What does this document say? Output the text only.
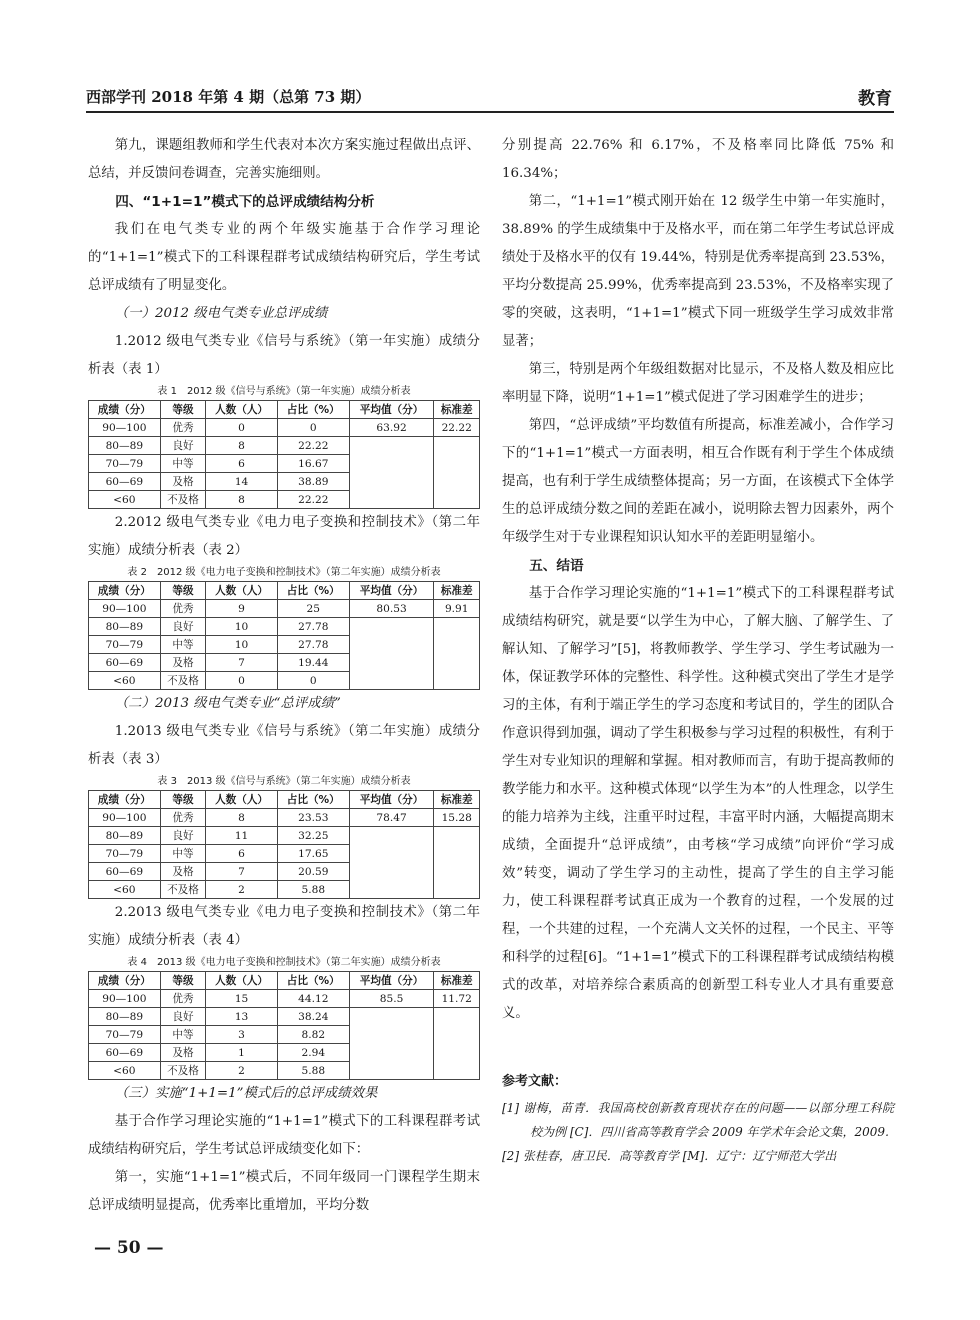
西部学刊 2018 年第 4 期（总第 73 期）	教育

第九，课题组教师和学生代表对本次方案实施过程做出点评、总结，并反馈问卷调查，完善实施细则。

四、“1+1=1”模式下的总评成绩结构分析

我们在电气类专业的两个年级实施基于合作学习理论的“1+1=1”模式下的工科课程群考试成绩结构研究后，学生考试总评成绩有了明显变化。

（一）2012 级电气类专业总评成绩

1.2012 级电气类专业《信号与系统》（第一年实施）成绩分析表（表 1）

表 1　2012 级《信号与系统》（第一年实施）成绩分析表
成绩（分）	等级	人数（人）	占比（%）	平均值（分）	标准差
90—100	优秀	0	0	63.92	22.22
80—89	良好	8	22.22		
70—79	中等	6	16.67		
60—69	及格	14	38.89		
<60	不及格	8	22.22		

2.2012 级电气类专业《电力电子变换和控制技术》（第二年实施）成绩分析表（表 2）

表 2　2012 级《电力电子变换和控制技术》（第二年实施）成绩分析表
成绩（分）	等级	人数（人）	占比（%）	平均值（分）	标准差
90—100	优秀	9	25	80.53	9.91
80—89	良好	10	27.78		
70—79	中等	10	27.78		
60—69	及格	7	19.44		
<60	不及格	0	0		

（二）2013 级电气类专业“总评成绩”

1.2013 级电气类专业《信号与系统》（第二年实施）成绩分析表（表 3）

表 3　2013 级《信号与系统》（第二年实施）成绩分析表
成绩（分）	等级	人数（人）	占比（%）	平均值（分）	标准差
90—100	优秀	8	23.53	78.47	15.28
80—89	良好	11	32.25		
70—79	中等	6	17.65		
60—69	及格	7	20.59		
<60	不及格	2	5.88		

2.2013 级电气类专业《电力电子变换和控制技术》（第二年实施）成绩分析表（表 4）

表 4　2013 级《电力电子变换和控制技术》（第二年实施）成绩分析表
成绩（分）	等级	人数（人）	占比（%）	平均值（分）	标准差
90—100	优秀	15	44.12	85.5	11.72
80—89	良好	13	38.24		
70—79	中等	3	8.82		
60—69	及格	1	2.94		
<60	不及格	2	5.88		

（三）实施“1+1=1”模式后的总评成绩效果

基于合作学习理论实施的“1+1=1”模式下的工科课程群考试成绩结构研究后，学生考试总评成绩变化如下：

第一，实施“1+1=1”模式后，不同年级同一门课程学生期末总评成绩明显提高，优秀率比重增加，平均分数

分别提高 22.76% 和 6.17%，不及格率同比降低 75% 和 16.34%；

第二，“1+1=1”模式刚开始在 12 级学生中第一年实施时，38.89% 的学生成绩集中于及格水平，而在第二年学生考试总评成绩处于及格水平的仅有 19.44%，特别是优秀率提高到 23.53%，平均分数提高 25.99%，优秀率提高到 23.53%，不及格率实现了零的突破，这表明，“1+1=1”模式下同一班级学生学习成效非常显著；

第三，特别是两个年级组数据对比显示，不及格人数及相应比率明显下降，说明“1+1=1”模式促进了学习困难学生的进步；

第四，“总评成绩”平均数值有所提高，标准差减小，合作学习下的“1+1=1”模式一方面表明，相互合作既有利于学生个体成绩提高，也有利于学生成绩整体提高；另一方面，在该模式下全体学生的总评成绩分数之间的差距在减小，说明除去智力因素外，两个年级学生对于专业课程知识认知水平的差距明显缩小。

五、结语

基于合作学习理论实施的“1+1=1”模式下的工科课程群考试成绩结构研究，就是要“以学生为中心，了解大脑、了解学生、了解认知、了解学习”[5]，将教师教学、学生学习、学生考试融为一体，保证教学环体的完整性、科学性。这种模式突出了学生才是学习的主体，有利于端正学生的学习态度和考试目的，学生的团队合作意识得到加强，调动了学生积极参与学习过程的积极性，有利于学生对专业知识的理解和掌握。相对教师而言，有助于提高教师的教学能力和水平。这种模式体现“以学生为本”的人性理念，以学生的能力培养为主线，注重平时过程，丰富平时内涵，大幅提高期末成绩，全面提升“总评成绩”，由考核“学习成绩”向评价“学习成效”转变，调动了学生学习的主动性，提高了学生的自主学习能力，使工科课程群考试真正成为一个教育的过程，一个发展的过程，一个共建的过程，一个充满人文关怀的过程，一个民主、平等和科学的过程[6]。“1+1=1”模式下的工科课程群考试成绩结构模式的改革，对培养综合素质高的创新型工科专业人才具有重要意义。

参考文献：

[1] 谢梅，苗青．我国高校创新教育现状存在的问题——以部分理工科院校为例 [C]．四川省高等教育学会 2009 年学术年会论文集，2009.

[2] 张桂春，唐卫民．高等教育学 [M]．辽宁：辽宁师范大学出

— 50 —
